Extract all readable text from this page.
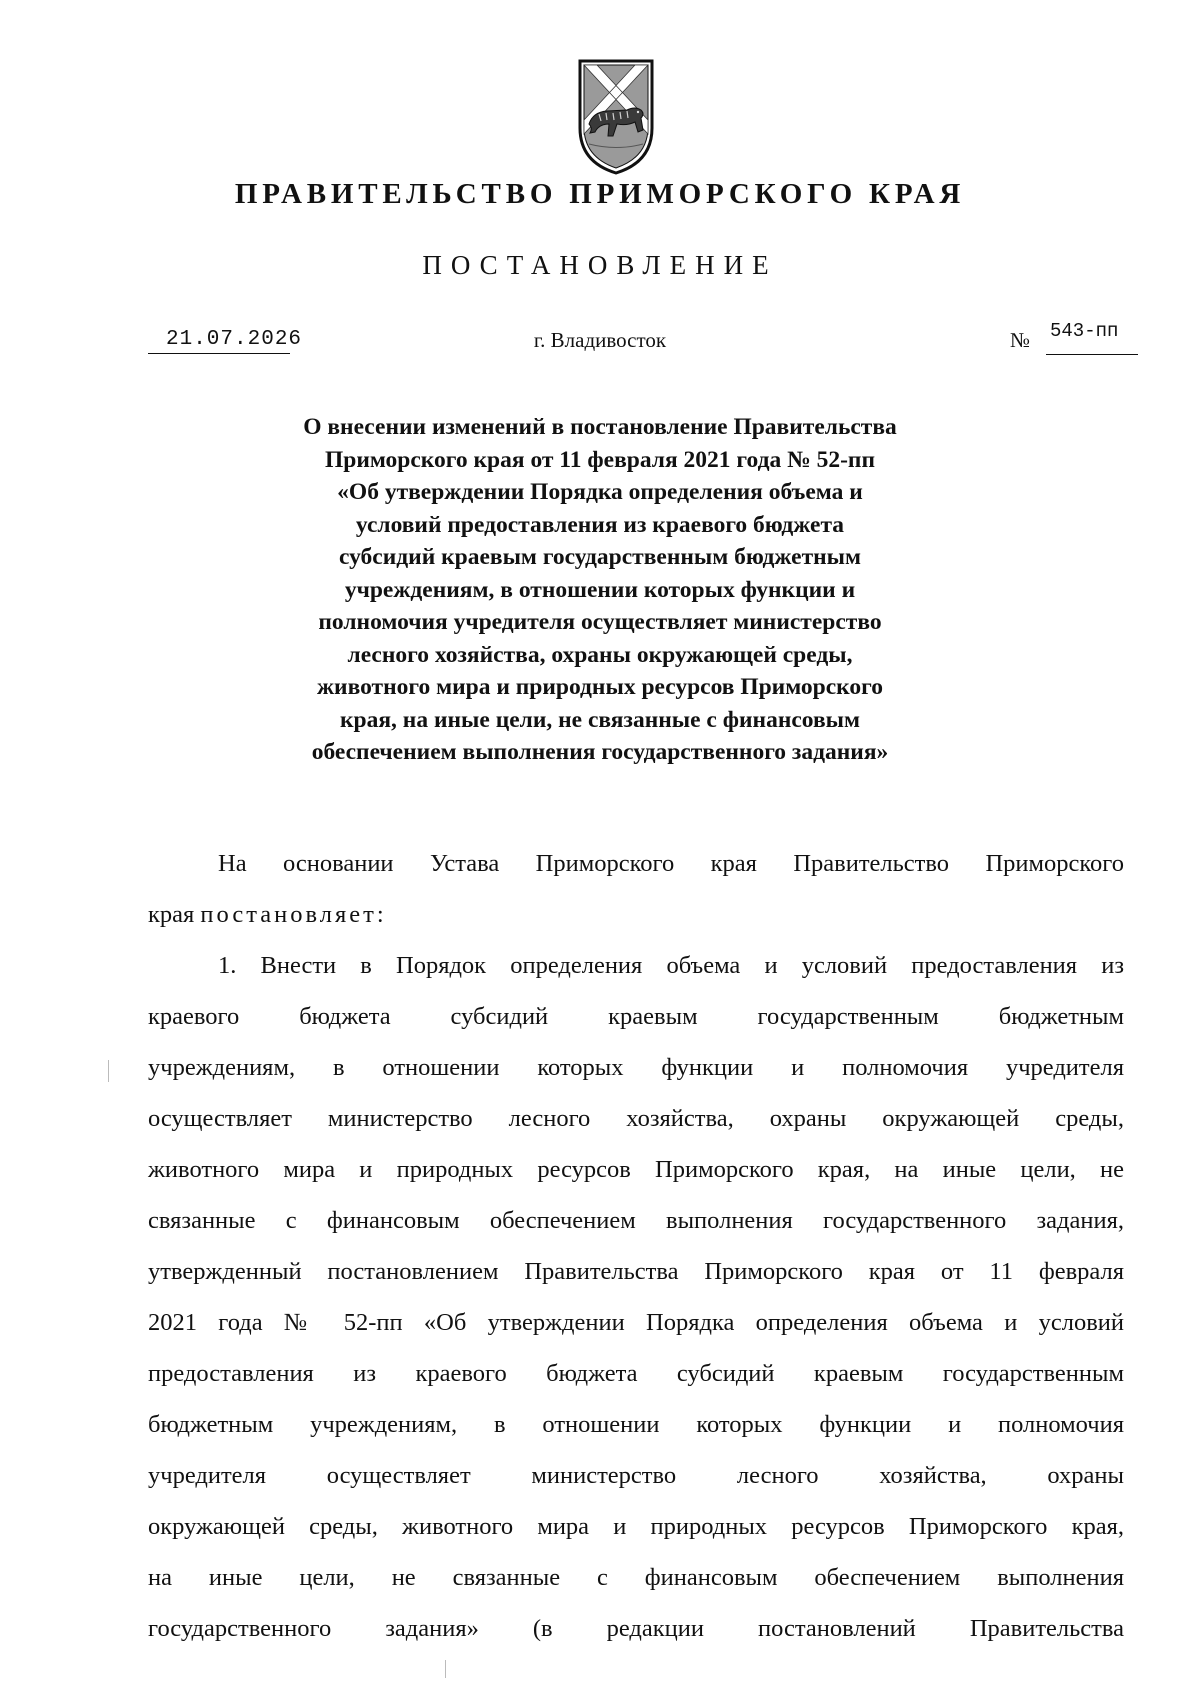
ПРАВИТЕЛЬСТВО ПРИМОРСКОГО КРАЯ
ПОСТАНОВЛЕНИЕ
21.07.2026	г. Владивосток	№ 543-пп
О внесении изменений в постановление Правительства
Приморского края от 11 февраля 2021 года № 52-пп
«Об утверждении Порядка определения объема и
условий предоставления из краевого бюджета
субсидий краевым государственным бюджетным
учреждениям, в отношении которых функции и
полномочия учредителя осуществляет министерство
лесного хозяйства, охраны окружающей среды,
животного мира и природных ресурсов Приморского
края, на иные цели, не связанные с финансовым
обеспечением выполнения государственного задания»
На основании Устава Приморского края Правительство Приморского
края постановляет:
1. Внести в Порядок определения объема и условий предоставления из
краевого бюджета субсидий краевым государственным бюджетным
учреждениям, в отношении которых функции и полномочия учредителя
осуществляет министерство лесного хозяйства, охраны окружающей среды,
животного мира и природных ресурсов Приморского края, на иные цели, не
связанные с финансовым обеспечением выполнения государственного задания,
утвержденный постановлением Правительства Приморского края от 11 февраля
2021 года № 52-пп «Об утверждении Порядка определения объема и условий
предоставления из краевого бюджета субсидий краевым государственным
бюджетным учреждениям, в отношении которых функции и полномочия
учредителя осуществляет министерство лесного хозяйства, охраны
окружающей среды, животного мира и природных ресурсов Приморского края,
на иные цели, не связанные с финансовым обеспечением выполнения
государственного задания» (в редакции постановлений Правительства
